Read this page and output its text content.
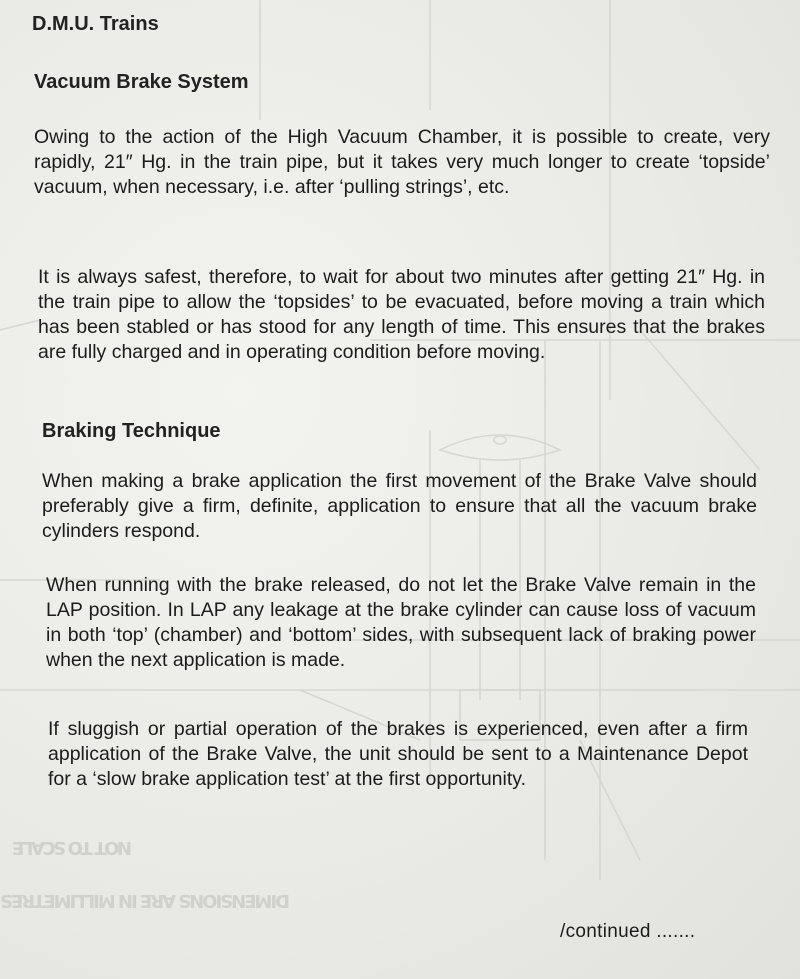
NOT TO SCALE
DIMENSIONS ARE IN MILLIMETRES
D.M.U. Trains
Vacuum Brake System

Owing to the action of the High Vacuum Chamber, it is possible to create, very rapidly, 21″ Hg. in the train pipe, but it takes very much longer to create ‘topside’ vacuum, when necessary, i.e. after ‘pulling strings’, etc.

It is always safest, therefore, to wait for about two minutes after getting 21″ Hg. in the train pipe to allow the ‘topsides’ to be evacuated, before moving a train which has been stabled or has stood for any length of time. This ensures that the brakes are fully charged and in operating condition before moving.

Braking Technique

When making a brake application the first movement of the Brake Valve should preferably give a firm, definite, application to ensure that all the vacuum brake cylinders respond.

When running with the brake released, do not let the Brake Valve remain in the LAP position. In LAP any leakage at the brake cylinder can cause loss of vacuum in both ‘top’ (chamber) and ‘bottom’ sides, with subsequent lack of braking power when the next application is made.

If sluggish or partial operation of the brakes is experienced, even after a firm application of the Brake Valve, the unit should be sent to a Maintenance Depot for a ‘slow brake application test’ at the first opportunity.

/continued .......
